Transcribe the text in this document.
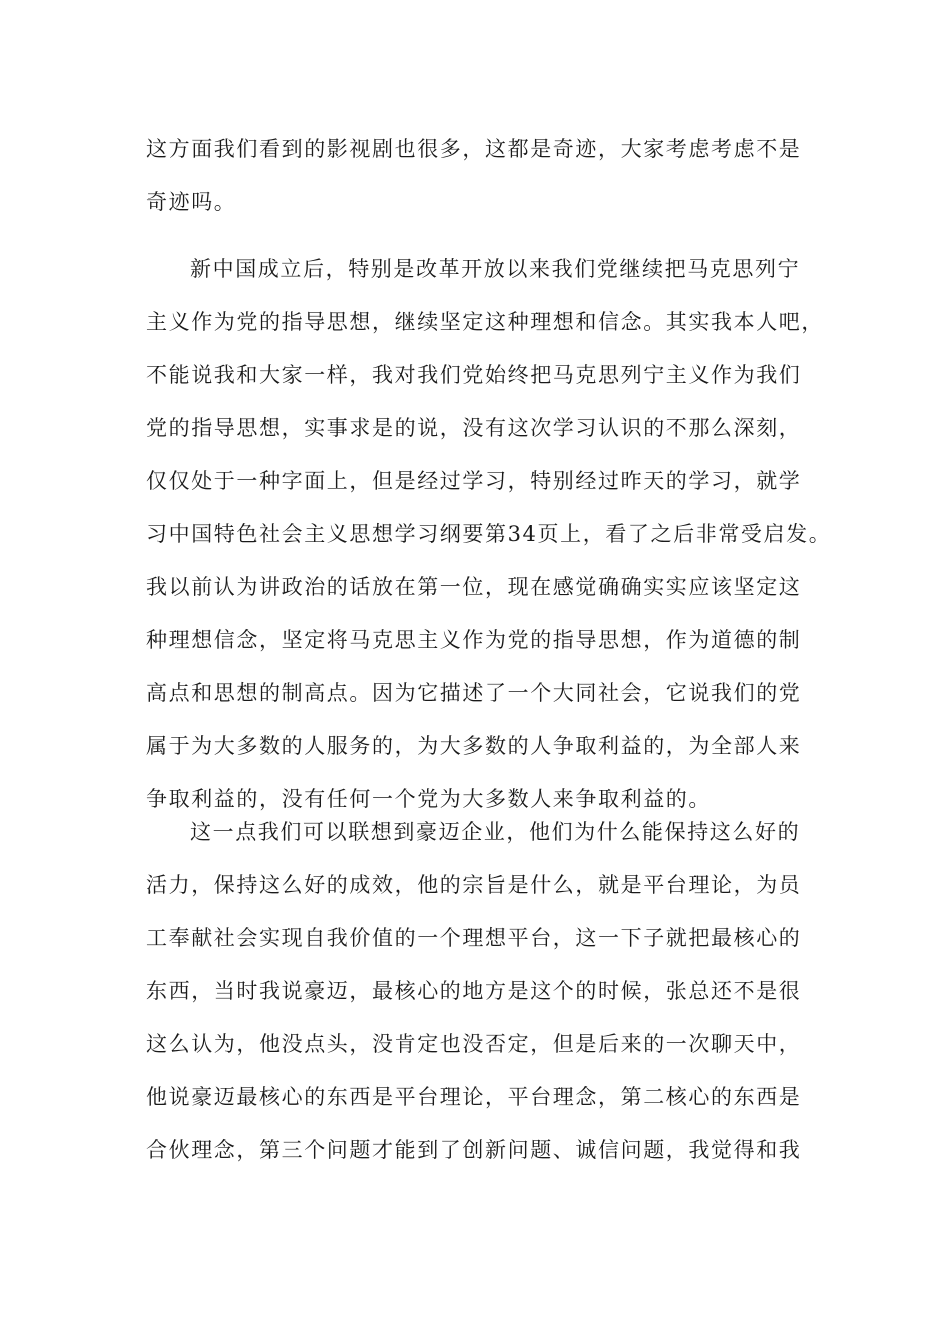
这方面我们看到的影视剧也很多，这都是奇迹，大家考虑考虑不是
奇迹吗。
新中国成立后，特别是改革开放以来我们党继续把马克思列宁
主义作为党的指导思想，继续坚定这种理想和信念。其实我本人吧，
不能说我和大家一样，我对我们党始终把马克思列宁主义作为我们
党的指导思想，实事求是的说，没有这次学习认识的不那么深刻，
仅仅处于一种字面上，但是经过学习，特别经过昨天的学习，就学
习中国特色社会主义思想学习纲要第34页上，看了之后非常受启发。
我以前认为讲政治的话放在第一位，现在感觉确确实实应该坚定这
种理想信念，坚定将马克思主义作为党的指导思想，作为道德的制
高点和思想的制高点。因为它描述了一个大同社会，它说我们的党
属于为大多数的人服务的，为大多数的人争取利益的，为全部人来
争取利益的，没有任何一个党为大多数人来争取利益的。
这一点我们可以联想到豪迈企业，他们为什么能保持这么好的
活力，保持这么好的成效，他的宗旨是什么，就是平台理论，为员
工奉献社会实现自我价值的一个理想平台，这一下子就把最核心的
东西，当时我说豪迈，最核心的地方是这个的时候，张总还不是很
这么认为，他没点头，没肯定也没否定，但是后来的一次聊天中，
他说豪迈最核心的东西是平台理论，平台理念，第二核心的东西是
合伙理念，第三个问题才能到了创新问题、诚信问题，我觉得和我
